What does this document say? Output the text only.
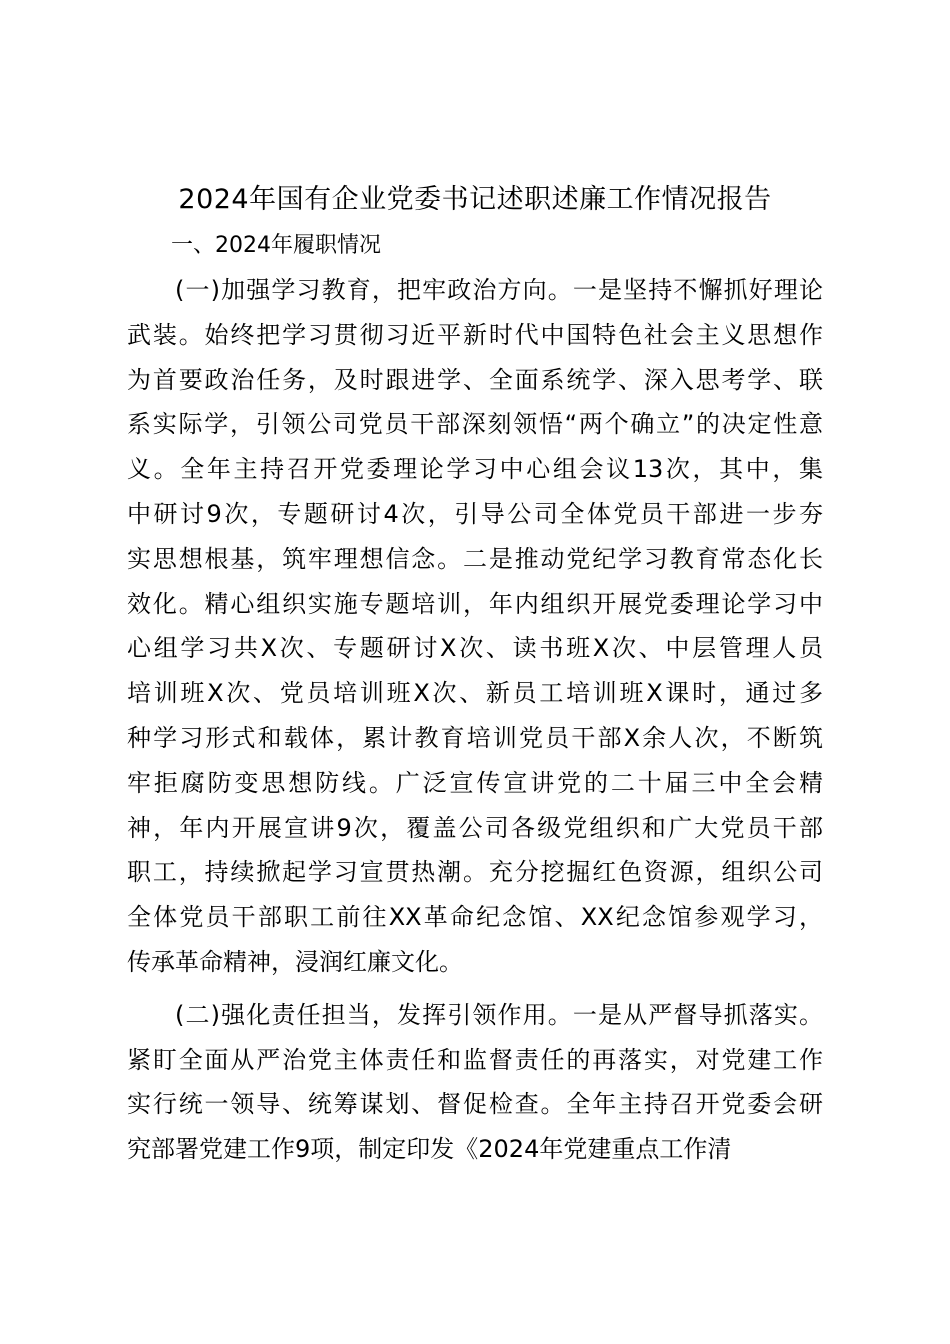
2024年国有企业党委书记述职述廉工作情况报告
一、2024年履职情况

(一)加强学习教育，把牢政治方向。一是坚持不懈抓好理论
武装。始终把学习贯彻习近平新时代中国特色社会主义思想作
为首要政治任务，及时跟进学、全面系统学、深入思考学、联
系实际学，引领公司党员干部深刻领悟“两个确立”的决定性意
义。全年主持召开党委理论学习中心组会议13次，其中，集
中研讨9次，专题研讨4次，引导公司全体党员干部进一步夯
实思想根基，筑牢理想信念。二是推动党纪学习教育常态化长
效化。精心组织实施专题培训，年内组织开展党委理论学习中
心组学习共X次、专题研讨X次、读书班X次、中层管理人员
培训班X次、党员培训班X次、新员工培训班X课时，通过多
种学习形式和载体，累计教育培训党员干部X余人次，不断筑
牢拒腐防变思想防线。广泛宣传宣讲党的二十届三中全会精
神，年内开展宣讲9次，覆盖公司各级党组织和广大党员干部
职工，持续掀起学习宣贯热潮。充分挖掘红色资源，组织公司
全体党员干部职工前往XX革命纪念馆、XX纪念馆参观学习，
传承革命精神，浸润红廉文化。

(二)强化责任担当，发挥引领作用。一是从严督导抓落实。
紧盯全面从严治党主体责任和监督责任的再落实，对党建工作
实行统一领导、统筹谋划、督促检查。全年主持召开党委会研
究部署党建工作9项，制定印发《2024年党建重点工作清
